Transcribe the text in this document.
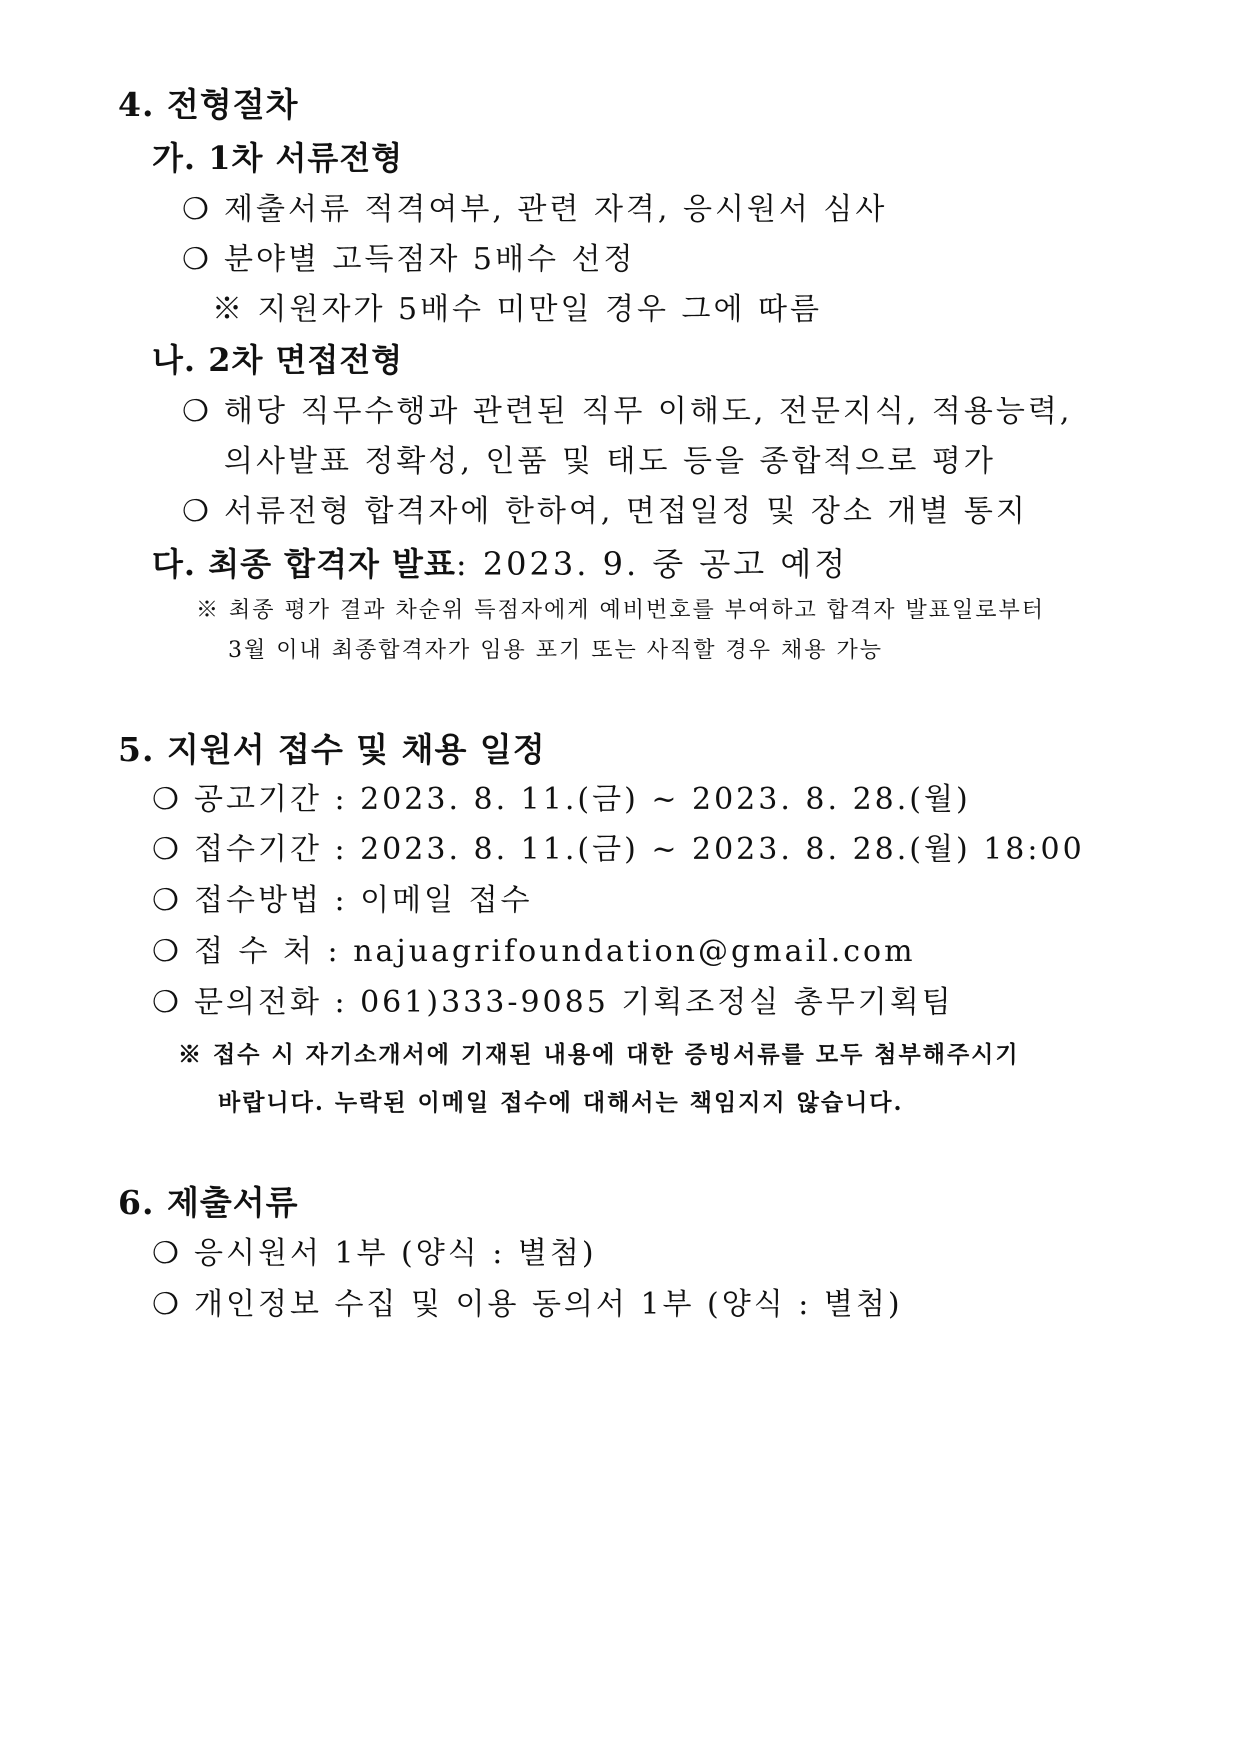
4. 전형절차
가. 1차 서류전형
❍ 제출서류 적격여부, 관련 자격, 응시원서 심사
❍ 분야별 고득점자 5배수 선정
※ 지원자가 5배수 미만일 경우 그에 따름
나. 2차 면접전형
❍ 해당 직무수행과 관련된 직무 이해도, 전문지식, 적용능력,
의사발표 정확성, 인품 및 태도 등을 종합적으로 평가
❍ 서류전형 합격자에 한하여, 면접일정 및 장소 개별 통지
다. 최종 합격자 발표: 2023. 9. 중 공고 예정
※ 최종 평가 결과 차순위 득점자에게 예비번호를 부여하고 합격자 발표일로부터
3월 이내 최종합격자가 임용 포기 또는 사직할 경우 채용 가능
5. 지원서 접수 및 채용 일정
❍ 공고기간 : 2023. 8. 11.(금) ~ 2023. 8. 28.(월)
❍ 접수기간 : 2023. 8. 11.(금) ~ 2023. 8. 28.(월) 18:00
❍ 접수방법 : 이메일 접수
❍ 접 수 처 : najuagrifoundation@gmail.com
❍ 문의전화 : 061)333-9085 기획조정실 총무기획팀
※ 접수 시 자기소개서에 기재된 내용에 대한 증빙서류를 모두 첨부해주시기
바랍니다. 누락된 이메일 접수에 대해서는 책임지지 않습니다.
6. 제출서류
❍ 응시원서 1부 (양식 : 별첨)
❍ 개인정보 수집 및 이용 동의서 1부 (양식 : 별첨)
